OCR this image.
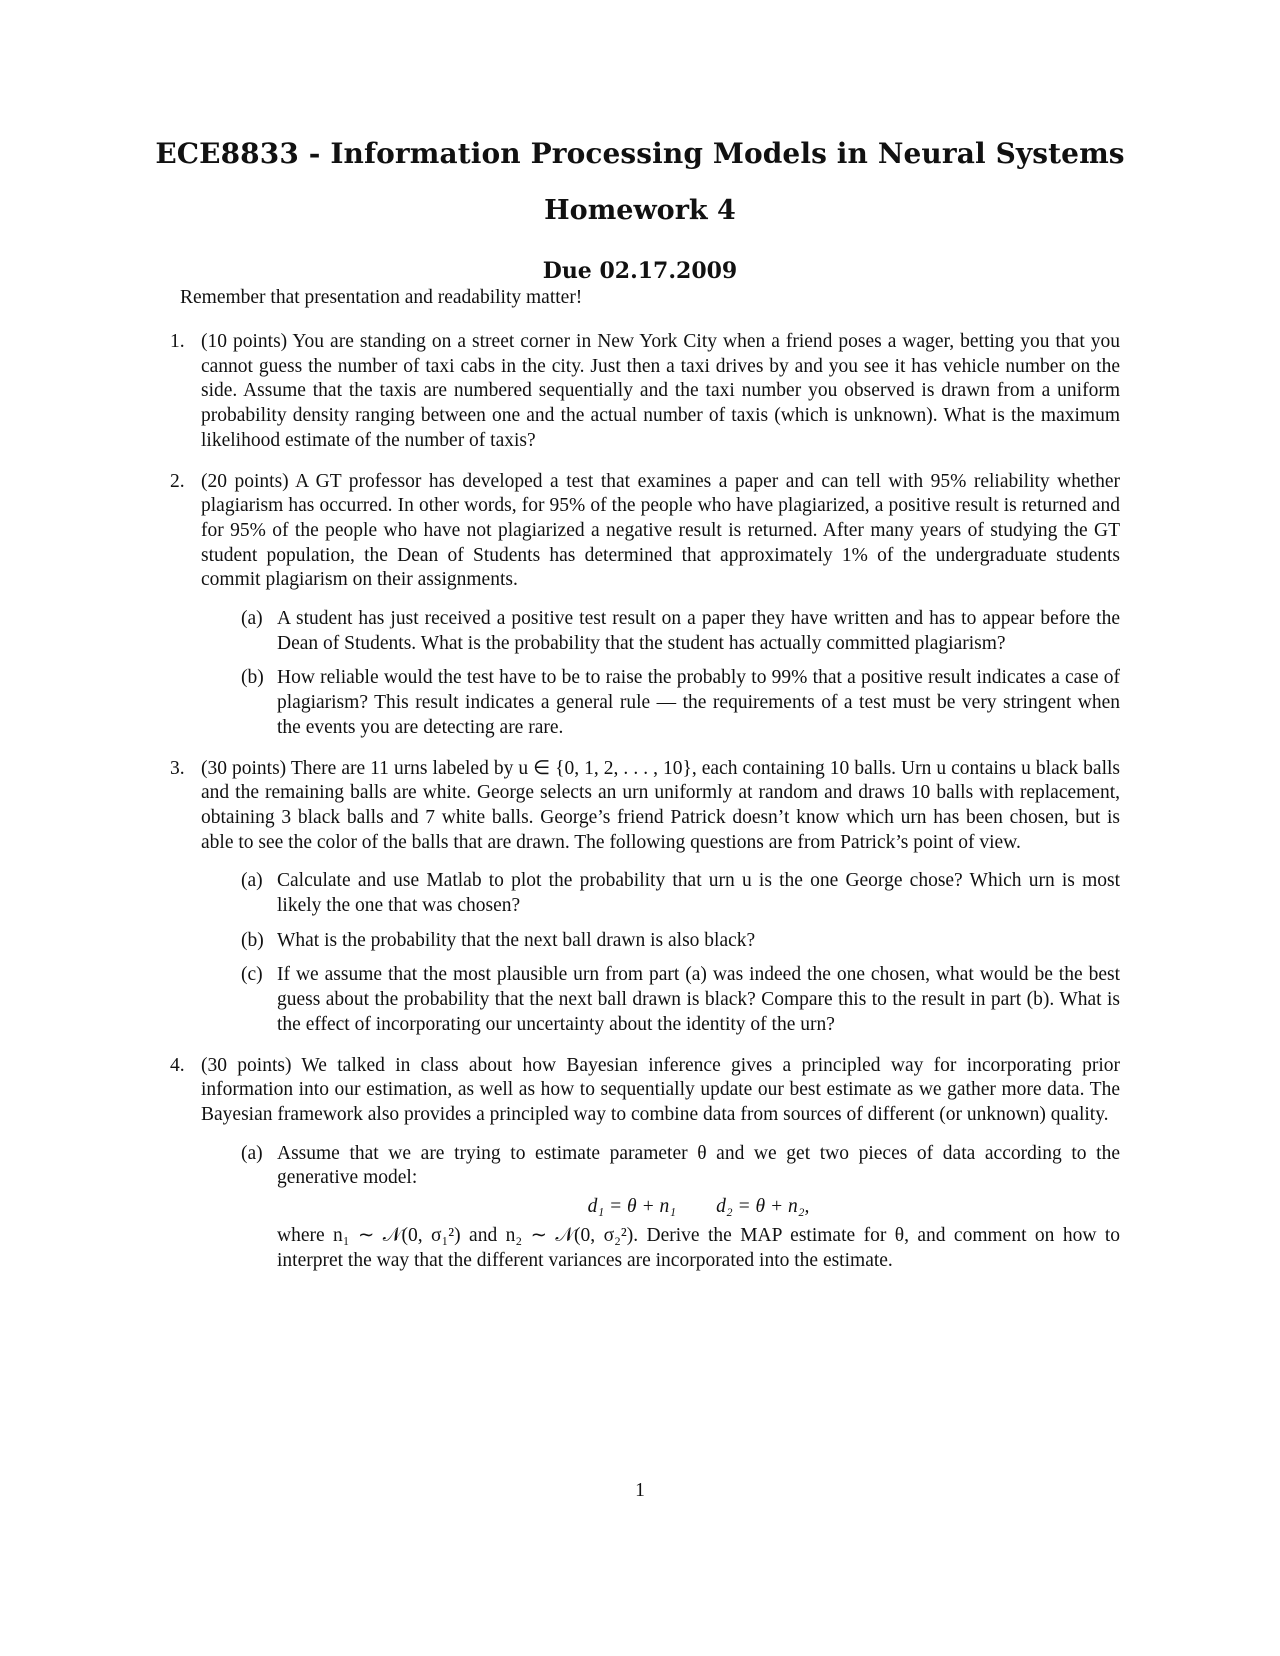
ECE8833 - Information Processing Models in Neural Systems
Homework 4
Due 02.17.2009
Remember that presentation and readability matter!
1. (10 points) You are standing on a street corner in New York City when a friend poses a wager, betting you that you cannot guess the number of taxi cabs in the city. Just then a taxi drives by and you see it has vehicle number on the side. Assume that the taxis are numbered sequentially and the taxi number you observed is drawn from a uniform probability density ranging between one and the actual number of taxis (which is unknown). What is the maximum likelihood estimate of the number of taxis?
2. (20 points) A GT professor has developed a test that examines a paper and can tell with 95% reliability whether plagiarism has occurred. In other words, for 95% of the people who have plagiarized, a positive result is returned and for 95% of the people who have not plagiarized a negative result is returned. After many years of studying the GT student population, the Dean of Students has determined that approximately 1% of the undergraduate students commit plagiarism on their assignments.
(a) A student has just received a positive test result on a paper they have written and has to appear before the Dean of Students. What is the probability that the student has actually committed plagiarism?
(b) How reliable would the test have to be to raise the probably to 99% that a positive result indicates a case of plagiarism? This result indicates a general rule — the requirements of a test must be very stringent when the events you are detecting are rare.
3. (30 points) There are 11 urns labeled by u ∈ {0, 1, 2, . . . , 10}, each containing 10 balls. Urn u contains u black balls and the remaining balls are white. George selects an urn uniformly at random and draws 10 balls with replacement, obtaining 3 black balls and 7 white balls. George’s friend Patrick doesn’t know which urn has been chosen, but is able to see the color of the balls that are drawn. The following questions are from Patrick’s point of view.
(a) Calculate and use Matlab to plot the probability that urn u is the one George chose? Which urn is most likely the one that was chosen?
(b) What is the probability that the next ball drawn is also black?
(c) If we assume that the most plausible urn from part (a) was indeed the one chosen, what would be the best guess about the probability that the next ball drawn is black? Compare this to the result in part (b). What is the effect of incorporating our uncertainty about the identity of the urn?
4. (30 points) We talked in class about how Bayesian inference gives a principled way for incorporating prior information into our estimation, as well as how to sequentially update our best estimate as we gather more data. The Bayesian framework also provides a principled way to combine data from sources of different (or unknown) quality.
(a) Assume that we are trying to estimate parameter θ and we get two pieces of data according to the generative model:
d₁ = θ + n₁ d₂ = θ + n₂,
where n₁ ∼ 𝒩(0, σ₁²) and n₂ ∼ 𝒩(0, σ₂²). Derive the MAP estimate for θ, and comment on how to interpret the way that the different variances are incorporated into the estimate.
1
